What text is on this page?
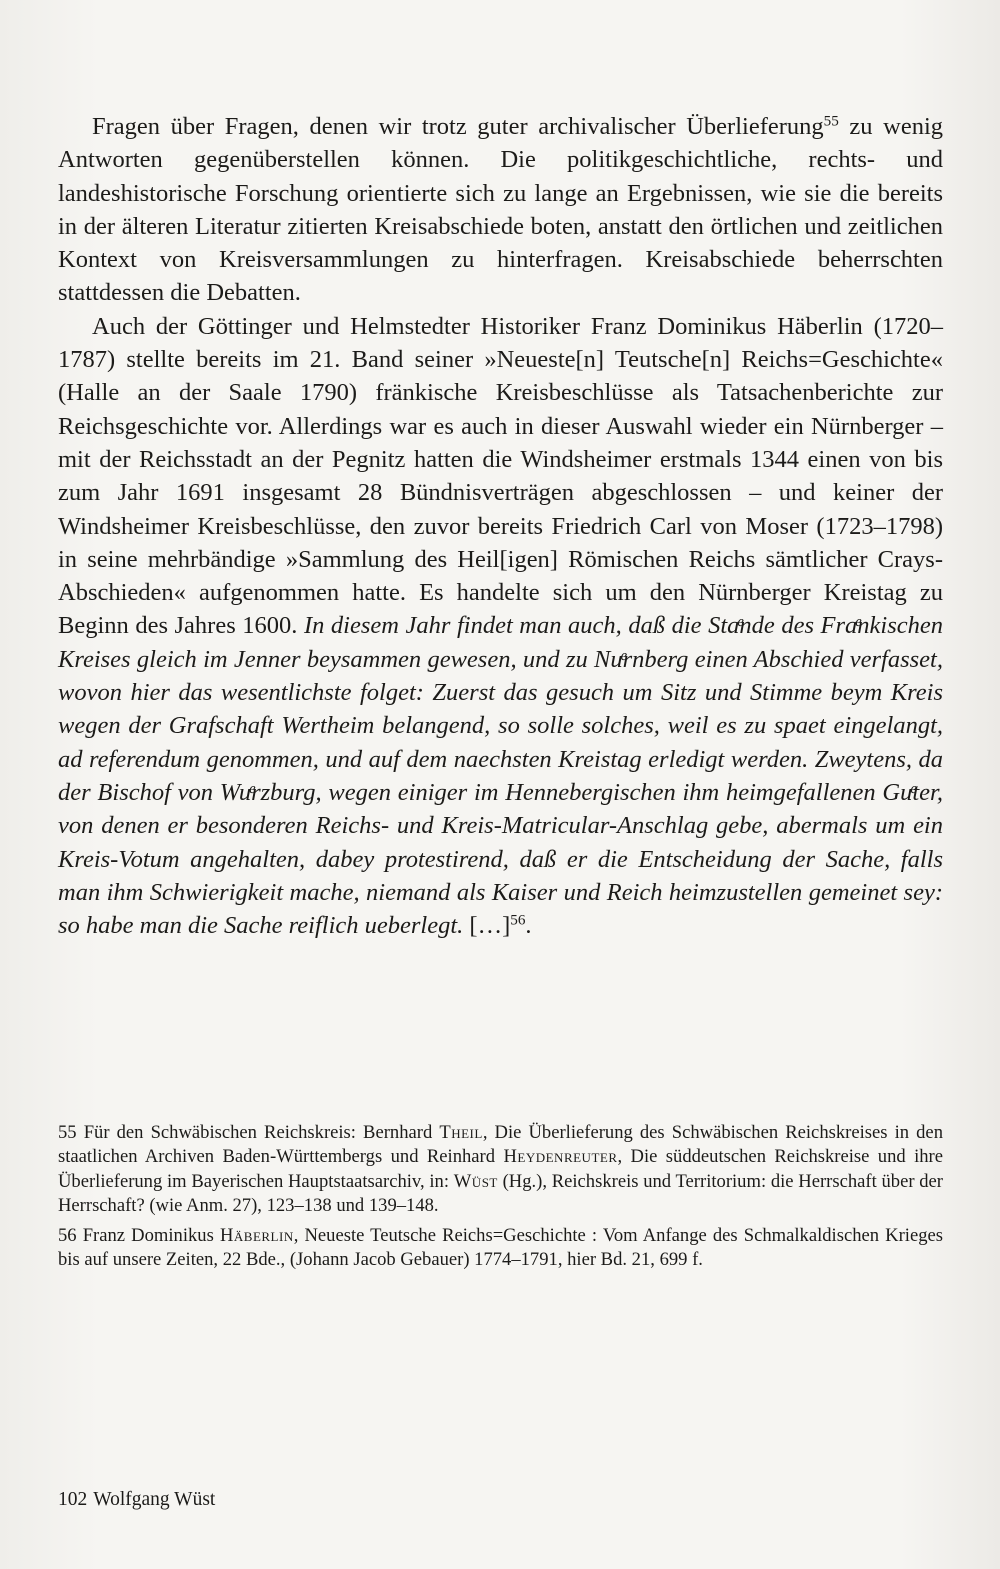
Fragen über Fragen, denen wir trotz guter archivalischer Überlieferung$^{55}$ zu wenig Antworten gegenüberstellen können. Die politikgeschichtliche, rechts- und landeshistorische Forschung orientierte sich zu lange an Ergebnissen, wie sie die bereits in der älteren Literatur zitierten Kreisabschiede boten, anstatt den örtlichen und zeitlichen Kontext von Kreisversammlungen zu hinterfragen. Kreisabschiede beherrschten stattdessen die Debatten.

Auch der Göttinger und Helmstedter Historiker Franz Dominikus Häberlin (1720–1787) stellte bereits im 21. Band seiner »Neueste[n] Teutsche[n] Reichs=Geschichte« (Halle an der Saale 1790) fränkische Kreisbeschlüsse als Tatsachenberichte zur Reichsgeschichte vor. Allerdings war es auch in dieser Auswahl wieder ein Nürnberger – mit der Reichsstadt an der Pegnitz hatten die Windsheimer erstmals 1344 einen von bis zum Jahr 1691 insgesamt 28 Bündnisverträgen abgeschlossen – und keiner der Windsheimer Kreisbeschlüsse, den zuvor bereits Friedrich Carl von Moser (1723–1798) in seine mehrbändige »Sammlung des Heil[igen] Römischen Reichs sämtlicher Crays-Abschieden« aufgenommen hatte. Es handelte sich um den Nürnberger Kreistag zu Beginn des Jahres 1600. In diesem Jahr findet man auch, daß die Staͤnde des Fraͤnkischen Kreises gleich im Jenner beysammen gewesen, und zu Nuͤrnberg einen Abschied verfasset, wovon hier das wesentlichste folget: Zuerst das gesuch um Sitz und Stimme beym Kreis wegen der Grafschaft Wertheim belangend, so solle solches, weil es zu spaet eingelangt, ad referendum genommen, und auf dem naechsten Kreistag erledigt werden. Zweytens, da der Bischof von Wuͤrzburg, wegen einiger im Hennebergischen ihm heimgefallenen Guͤter, von denen er besonderen Reichs- und Kreis-Matricular-Anschlag gebe, abermals um ein Kreis-Votum angehalten, dabey protestirend, daß er die Entscheidung der Sache, falls man ihm Schwierigkeit mache, niemand als Kaiser und Reich heimzustellen gemeinet sey: so habe man die Sache reiflich ueberlegt. […]$^{56}$.

55 Für den Schwäbischen Reichskreis: Bernhard Theil, Die Überlieferung des Schwäbischen Reichskreises in den staatlichen Archiven Baden-Württembergs und Reinhard Heydenreuter, Die süddeutschen Reichskreise und ihre Überlieferung im Bayerischen Hauptstaatsarchiv, in: Wüst (Hg.), Reichskreis und Territorium: die Herrschaft über der Herrschaft? (wie Anm. 27), 123–138 und 139–148.

56 Franz Dominikus Häberlin, Neueste Teutsche Reichs=Geschichte : Vom Anfange des Schmalkaldischen Krieges bis auf unsere Zeiten, 22 Bde., (Johann Jacob Gebauer) 1774–1791, hier Bd. 21, 699 f.

102 Wolfgang Wüst
